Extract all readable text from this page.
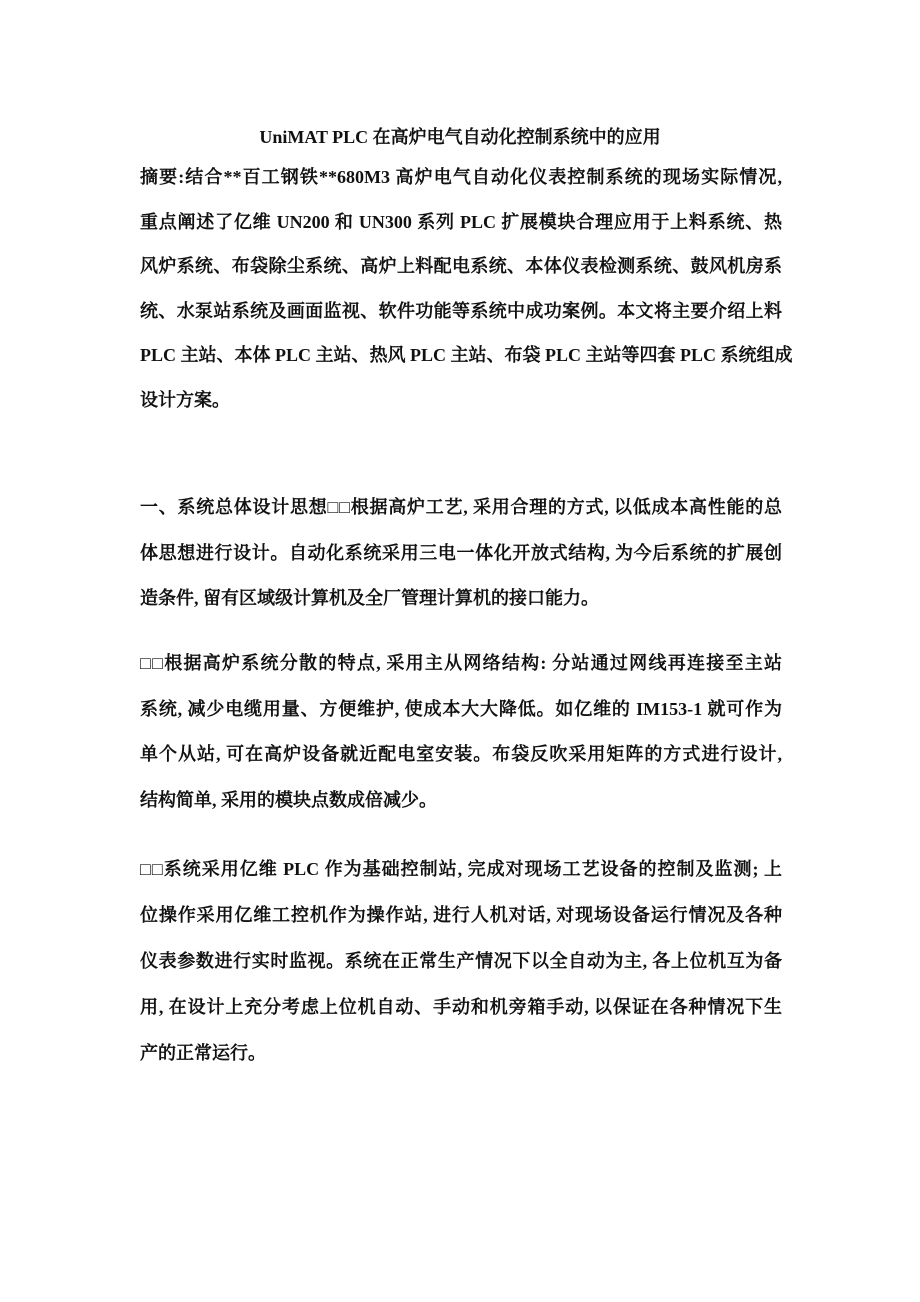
UniMAT PLC 在高炉电气自动化控制系统中的应用
摘要:结合**百工钢铁**680M3 高炉电气自动化仪表控制系统的现场实际情况,
重点阐述了亿维 UN200 和 UN300 系列 PLC 扩展模块合理应用于上料系统、热
风炉系统、布袋除尘系统、高炉上料配电系统、本体仪表检测系统、鼓风机房系
统、水泵站系统及画面监视、软件功能等系统中成功案例。本文将主要介绍上料
PLC 主站、本体 PLC 主站、热风 PLC 主站、布袋 PLC 主站等四套 PLC 系统组成
设计方案。
一、系统总体设计思想□□根据高炉工艺, 采用合理的方式, 以低成本高性能的总
体思想进行设计。自动化系统采用三电一体化开放式结构, 为今后系统的扩展创
造条件, 留有区域级计算机及全厂管理计算机的接口能力。
□□根据高炉系统分散的特点, 采用主从网络结构: 分站通过网线再连接至主站
系统, 减少电缆用量、方便维护, 使成本大大降低。如亿维的 IM153-1 就可作为
单个从站, 可在高炉设备就近配电室安装。布袋反吹采用矩阵的方式进行设计,
结构简单, 采用的模块点数成倍减少。
□□系统采用亿维 PLC 作为基础控制站, 完成对现场工艺设备的控制及监测; 上
位操作采用亿维工控机作为操作站, 进行人机对话, 对现场设备运行情况及各种
仪表参数进行实时监视。系统在正常生产情况下以全自动为主, 各上位机互为备
用, 在设计上充分考虑上位机自动、手动和机旁箱手动, 以保证在各种情况下生
产的正常运行。
